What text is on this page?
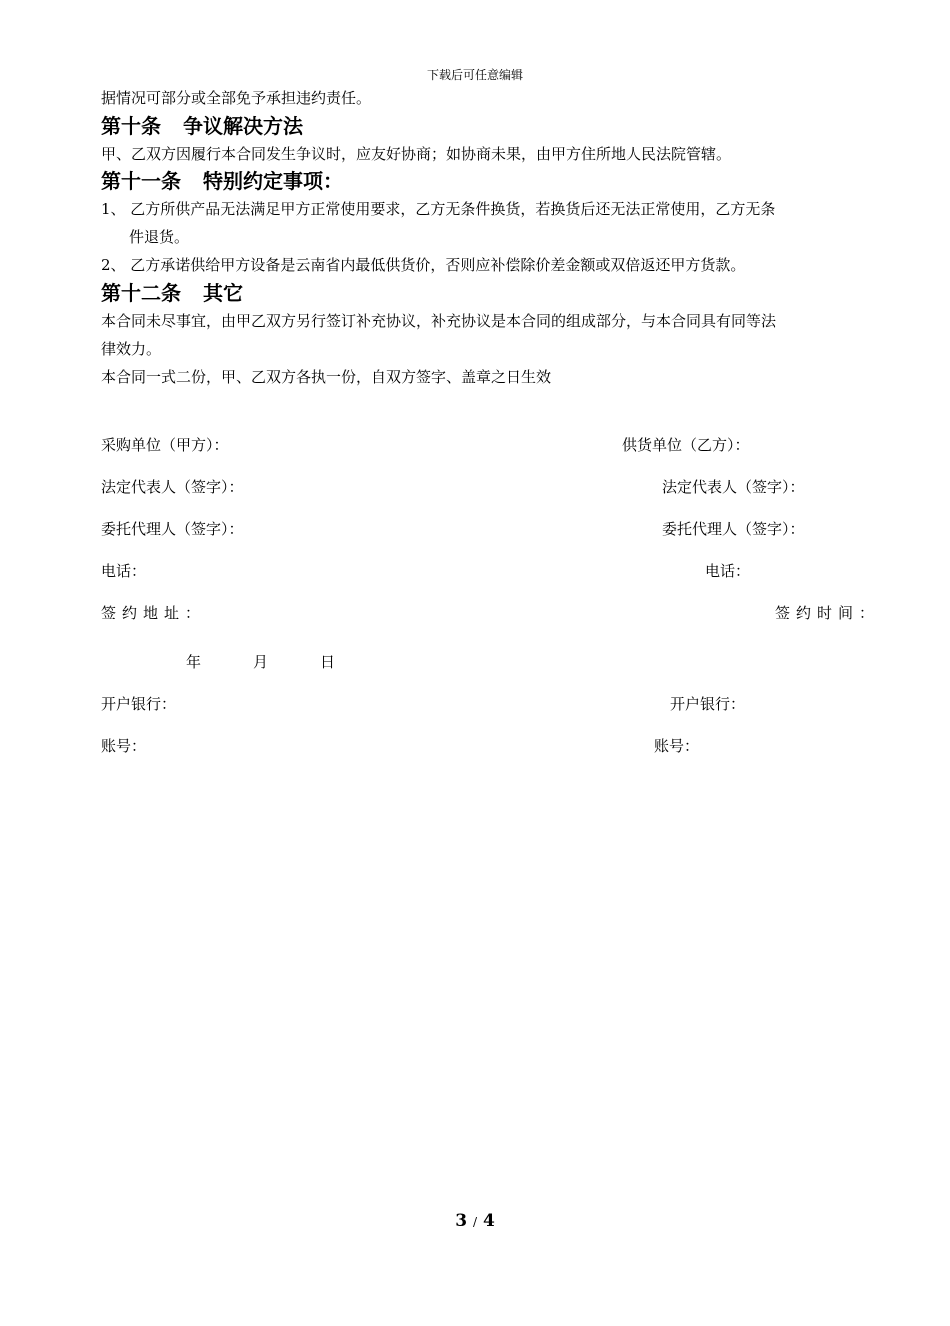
下载后可任意编辑
据情况可部分或全部免予承担违约责任。
第十条 争议解决方法
甲、乙双方因履行本合同发生争议时，应友好协商；如协商未果，由甲方住所地人民法院管辖。
第十一条 特别约定事项：
1、 乙方所供产品无法满足甲方正常使用要求，乙方无条件换货，若换货后还无法正常使用，乙方无条
件退货。
2、 乙方承诺供给甲方设备是云南省内最低供货价，否则应补偿除价差金额或双倍返还甲方货款。
第十二条 其它
本合同未尽事宜，由甲乙双方另行签订补充协议，补充协议是本合同的组成部分，与本合同具有同等法
律效力。
本合同一式二份，甲、乙双方各执一份，自双方签字、盖章之日生效
采购单位（甲方）：	供货单位（乙方）：
法定代表人（签字）：	法定代表人（签字）：
委托代理人（签字）：	委托代理人（签字）：
电话：	电话：
签约地址：	签约时间：
年	月	日
开户银行：	开户银行：
账号：	账号：
3 / 4
